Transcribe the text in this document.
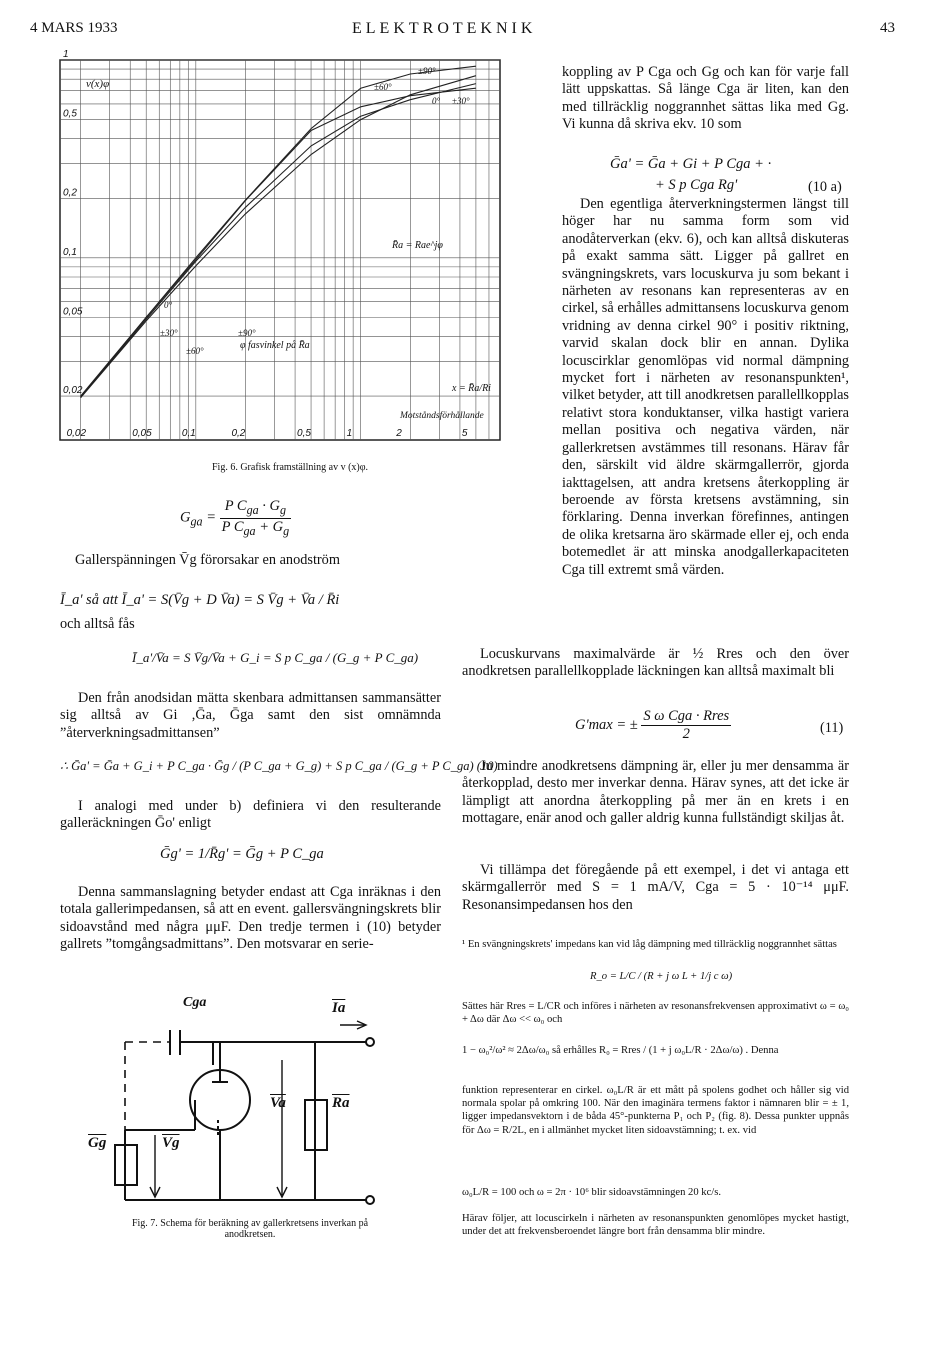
4 MARS 1933	ELEKTROTEKNIK	43
1
0,5
0,2
0,1
0,05
0,02
0,02	0,05	0,1	0,2	0,5	1	2	5
v(x)φ
φ fasvinkel på R̄a
R̄a = Rae^jφ
x = R̄a/Ri
Motståndsförhållande
±90°
±60°
0° ±30°
0°
±30°
±60°
±90°
Fig. 6. Grafisk framställning av v (x)φ.
$G_{ga} = \frac{P C_{ga} \cdot G_g}{P C_{ga} + G_g}$
Gallerspänningen V̄g förorsakar en anodström
Ī_a' så att Ī_a' = S(V̄g + D V̄a) = S V̄g + V̄a / R̄i
och alltså fås
Ī_a'/V̄a = S V̄g/V̄a + G_i = S p C_ga / (G_g + P C_ga)
Den från anodsidan mätta skenbara admittansen sammansätter sig alltså av Gi ,Ḡa, Ḡga samt den sist omnämnda ”återverkningsadmittansen”
∴ Ḡa' = Ḡa + G_i + P C_ga · Ḡg / (P C_ga + G_g) + S p C_ga / (G_g + P C_ga) (10)
I analogi med under b) definiera vi den resulterande galleräckningen Ḡo' enligt
Ḡg' = 1/R̄g' = Ḡg + P C_ga
Denna sammanslagning betyder endast att Cga inräknas i den totala gallerimpedansen, så att en event. gallersvängningskrets blir sidoavstånd med några μμF. Den tredje termen i (10) betyder gallrets ”tomgångsadmittans”. Den motsvarar en serie-
Cga	$\overline{Ia}$
$\overline{Va}$	$\overline{Ra}$
$\overline{Gg}$	$\overline{Vg}$
Fig. 7. Schema för beräkning av gallerkretsens inverkan på anodkretsen.
koppling av P Cga och Gg och kan för varje fall lätt uppskattas. Så länge Cga är liten, kan den med tillräcklig noggrannhet sättas lika med Gg. Vi kunna då skriva ekv. 10 som
Ḡa' = Ḡa + Gi + P Cga + ·
+ S p Cga Rg'	(10 a)
Den egentliga återverkningstermen längst till höger har nu samma form som vid anodåterverkan (ekv. 6), och kan alltså diskuteras på exakt samma sätt. Ligger på gallret en svängningskrets, vars locuskurva ju som bekant i närheten av resonans kan representeras av en cirkel, så erhålles admittansens locuskurva genom vridning av denna cirkel 90° i positiv riktning, varvid skalan dock blir en annan. Dylika locuscirklar genomlöpas vid normal dämpning mycket fort i närheten av resonanspunkten¹, vilket betyder, att till anodkretsen parallellkopplas relativt stora konduktanser, vilka hastigt variera mellan positiva och negativa värden, när gallerkretsen avstämmes till resonans. Härav får den, särskilt vid äldre skärmgallerrör, gjorda iakttagelsen, att andra kretsens återkoppling är beroende av första kretsens avstämning, sin förklaring. Denna inverkan förefinnes, antingen de olika kretsarna äro skärmade eller ej, och enda botemedlet är att minska anodgallerkapaciteten Cga till extremt små värden.
Locuskurvans maximalvärde är ½ Rres och den över anodkretsen parallellkopplade läckningen kan alltså maximalt bli
G'max = ± $\frac{\text{S ω Cga · Rres}}{2}$	(11)
Ju mindre anodkretsens dämpning är, eller ju mer densamma är återkopplad, desto mer inverkar denna. Härav synes, att det icke är lämpligt att anordna återkoppling på mer än en krets i en mottagare, enär anod och galler aldrig kunna fullständigt skiljas åt.
Vi tillämpa det föregående på ett exempel, i det vi antaga ett skärmgallerrör med S = 1 mA/V, Cga = 5 · 10⁻¹⁴ μμF. Resonansimpedansen hos den
¹ En svängningskrets' impedans kan vid låg dämpning med tillräcklig noggrannhet sättas
R_o = L/C / (R + j ω L + 1/j c ω)
Sättes här Rres = L/CR och införes i närheten av resonansfrekvensen approximativt ω = ω₀ + Δω där Δω << ω₀ och
1 − ω₀²/ω² ≈ 2Δω/ω₀ så erhålles R₀ = Rres / (1 + j ω₀L/R · 2Δω/ω) . Denna
funktion representerar en cirkel. ω₀L/R är ett mått på spolens godhet och håller sig vid normala spolar på omkring 100. När den imaginära termens faktor i nämnaren blir = ± 1, ligger impedansvektorn i de båda 45°-punkterna P₁ och P₂ (fig. 8). Dessa punkter uppnås för Δω = R/2L, en i allmänhet mycket liten sidoavstämning; t. ex. vid
ω₀L/R = 100 och ω = 2π · 10⁶ blir sidoavstämningen 20 kc/s.
Härav följer, att locuscirkeln i närheten av resonanspunkten genomlöpes mycket hastigt, under det att frekvensberoendet längre bort från densamma blir mindre.
